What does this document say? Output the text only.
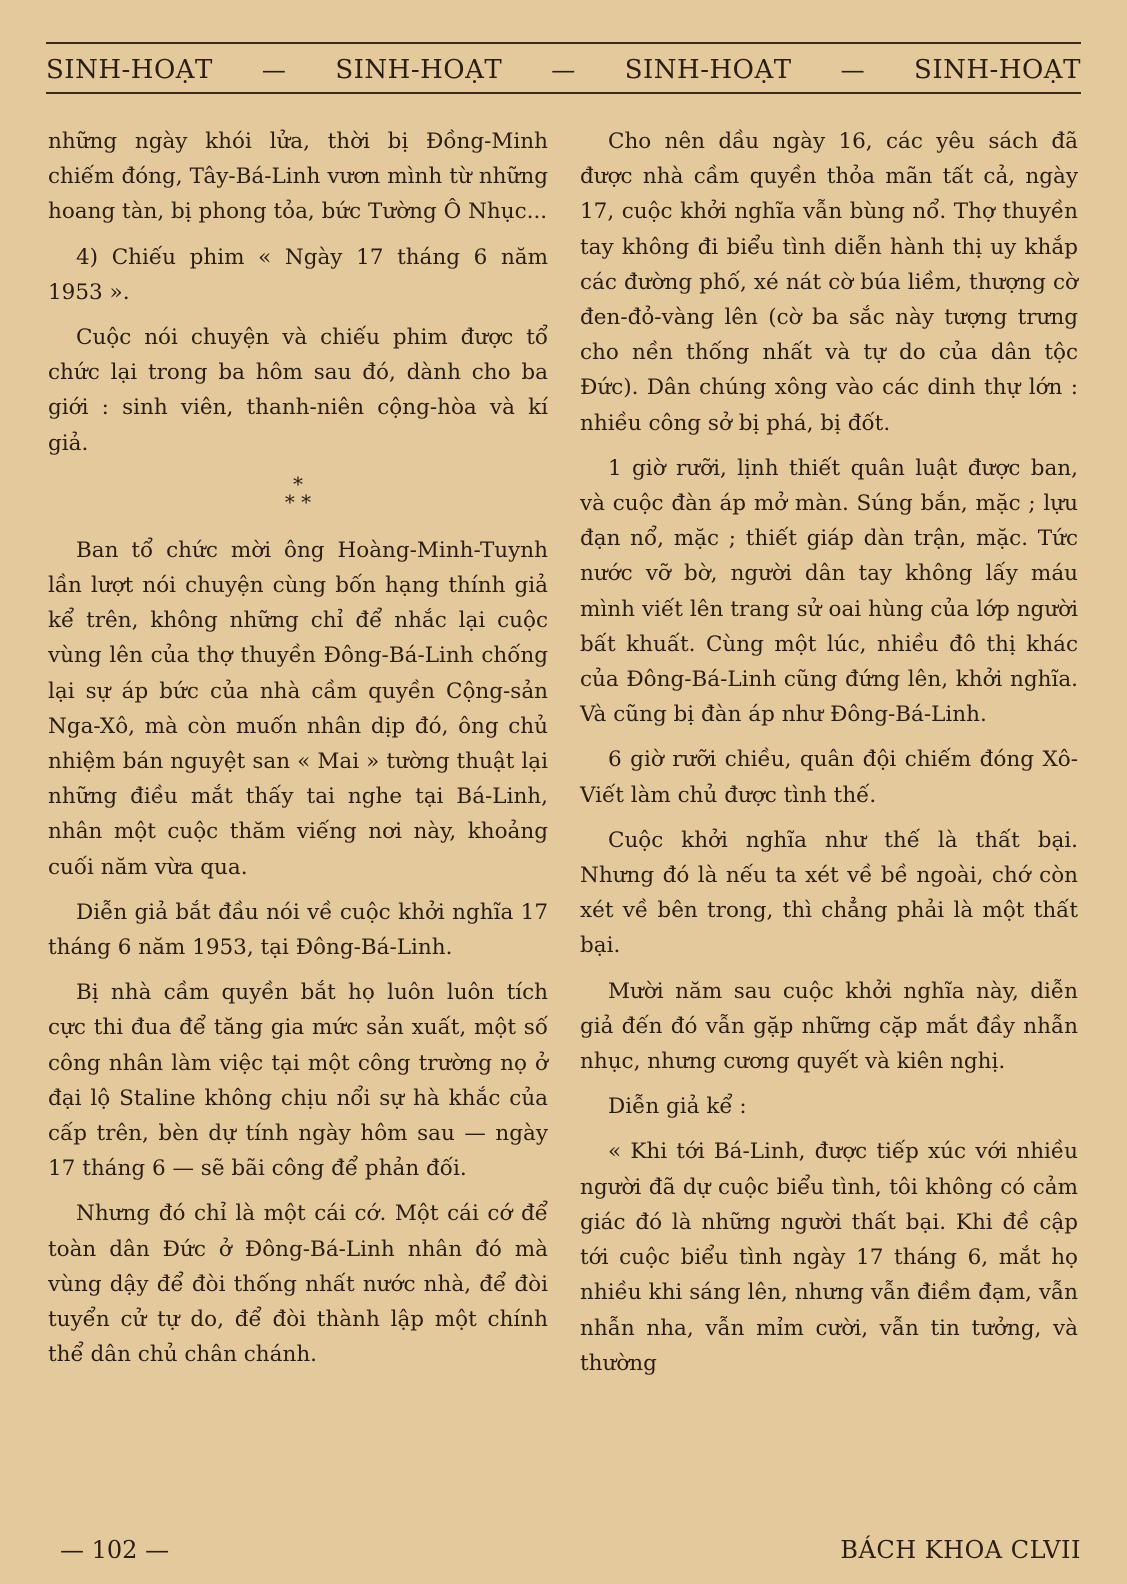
SINH-HOẠT — SINH-HOẠT — SINH-HOẠT — SINH-HOẠT

những ngày khói lửa, thời bị Đồng-Minh chiếm đóng, Tây-Bá-Linh vươn mình từ những hoang tàn, bị phong tỏa, bức Tường Ô Nhục...

4) Chiếu phim « Ngày 17 tháng 6 năm 1953 ».

Cuộc nói chuyện và chiếu phim được tổ chức lại trong ba hôm sau đó, dành cho ba giới : sinh viên, thanh-niên cộng-hòa và kí giả.

*
* *

Ban tổ chức mời ông Hoàng-Minh-Tuynh lần lượt nói chuyện cùng bốn hạng thính giả kể trên, không những chỉ để nhắc lại cuộc vùng lên của thợ thuyền Đông-Bá-Linh chống lại sự áp bức của nhà cầm quyền Cộng-sản Nga-Xô, mà còn muốn nhân dịp đó, ông chủ nhiệm bán nguyệt san « Mai » tường thuật lại những điều mắt thấy tai nghe tại Bá-Linh, nhân một cuộc thăm viếng nơi này, khoảng cuối năm vừa qua.

Diễn giả bắt đầu nói về cuộc khởi nghĩa 17 tháng 6 năm 1953, tại Đông-Bá-Linh.

Bị nhà cầm quyền bắt họ luôn luôn tích cực thi đua để tăng gia mức sản xuất, một số công nhân làm việc tại một công trường nọ ở đại lộ Staline không chịu nổi sự hà khắc của cấp trên, bèn dự tính ngày hôm sau — ngày 17 tháng 6 — sẽ bãi công để phản đối.

Nhưng đó chỉ là một cái cớ. Một cái cớ để toàn dân Đức ở Đông-Bá-Linh nhân đó mà vùng dậy để đòi thống nhất nước nhà, để đòi tuyển cử tự do, để đòi thành lập một chính thể dân chủ chân chánh.

Cho nên dầu ngày 16, các yêu sách đã được nhà cầm quyền thỏa mãn tất cả, ngày 17, cuộc khởi nghĩa vẫn bùng nổ. Thợ thuyền tay không đi biểu tình diễn hành thị uy khắp các đường phố, xé nát cờ búa liềm, thượng cờ đen-đỏ-vàng lên (cờ ba sắc này tượng trưng cho nền thống nhất và tự do của dân tộc Đức). Dân chúng xông vào các dinh thự lớn : nhiều công sở bị phá, bị đốt.

1 giờ rưỡi, lịnh thiết quân luật được ban, và cuộc đàn áp mở màn. Súng bắn, mặc ; lựu đạn nổ, mặc ; thiết giáp dàn trận, mặc. Tức nước vỡ bờ, người dân tay không lấy máu mình viết lên trang sử oai hùng của lớp người bất khuất. Cùng một lúc, nhiều đô thị khác của Đông-Bá-Linh cũng đứng lên, khởi nghĩa. Và cũng bị đàn áp như Đông-Bá-Linh.

6 giờ rưỡi chiều, quân đội chiếm đóng Xô-Viết làm chủ được tình thế.

Cuộc khởi nghĩa như thế là thất bại. Nhưng đó là nếu ta xét về bề ngoài, chớ còn xét về bên trong, thì chẳng phải là một thất bại.

Mười năm sau cuộc khởi nghĩa này, diễn giả đến đó vẫn gặp những cặp mắt đầy nhẫn nhục, nhưng cương quyết và kiên nghị.

Diễn giả kể :

« Khi tới Bá-Linh, được tiếp xúc với nhiều người đã dự cuộc biểu tình, tôi không có cảm giác đó là những người thất bại. Khi đề cập tới cuộc biểu tình ngày 17 tháng 6, mắt họ nhiều khi sáng lên, nhưng vẫn điềm đạm, vẫn nhẫn nha, vẫn mỉm cười, vẫn tin tưởng, và thường

— 102 —	BÁCH KHOA CLVII
